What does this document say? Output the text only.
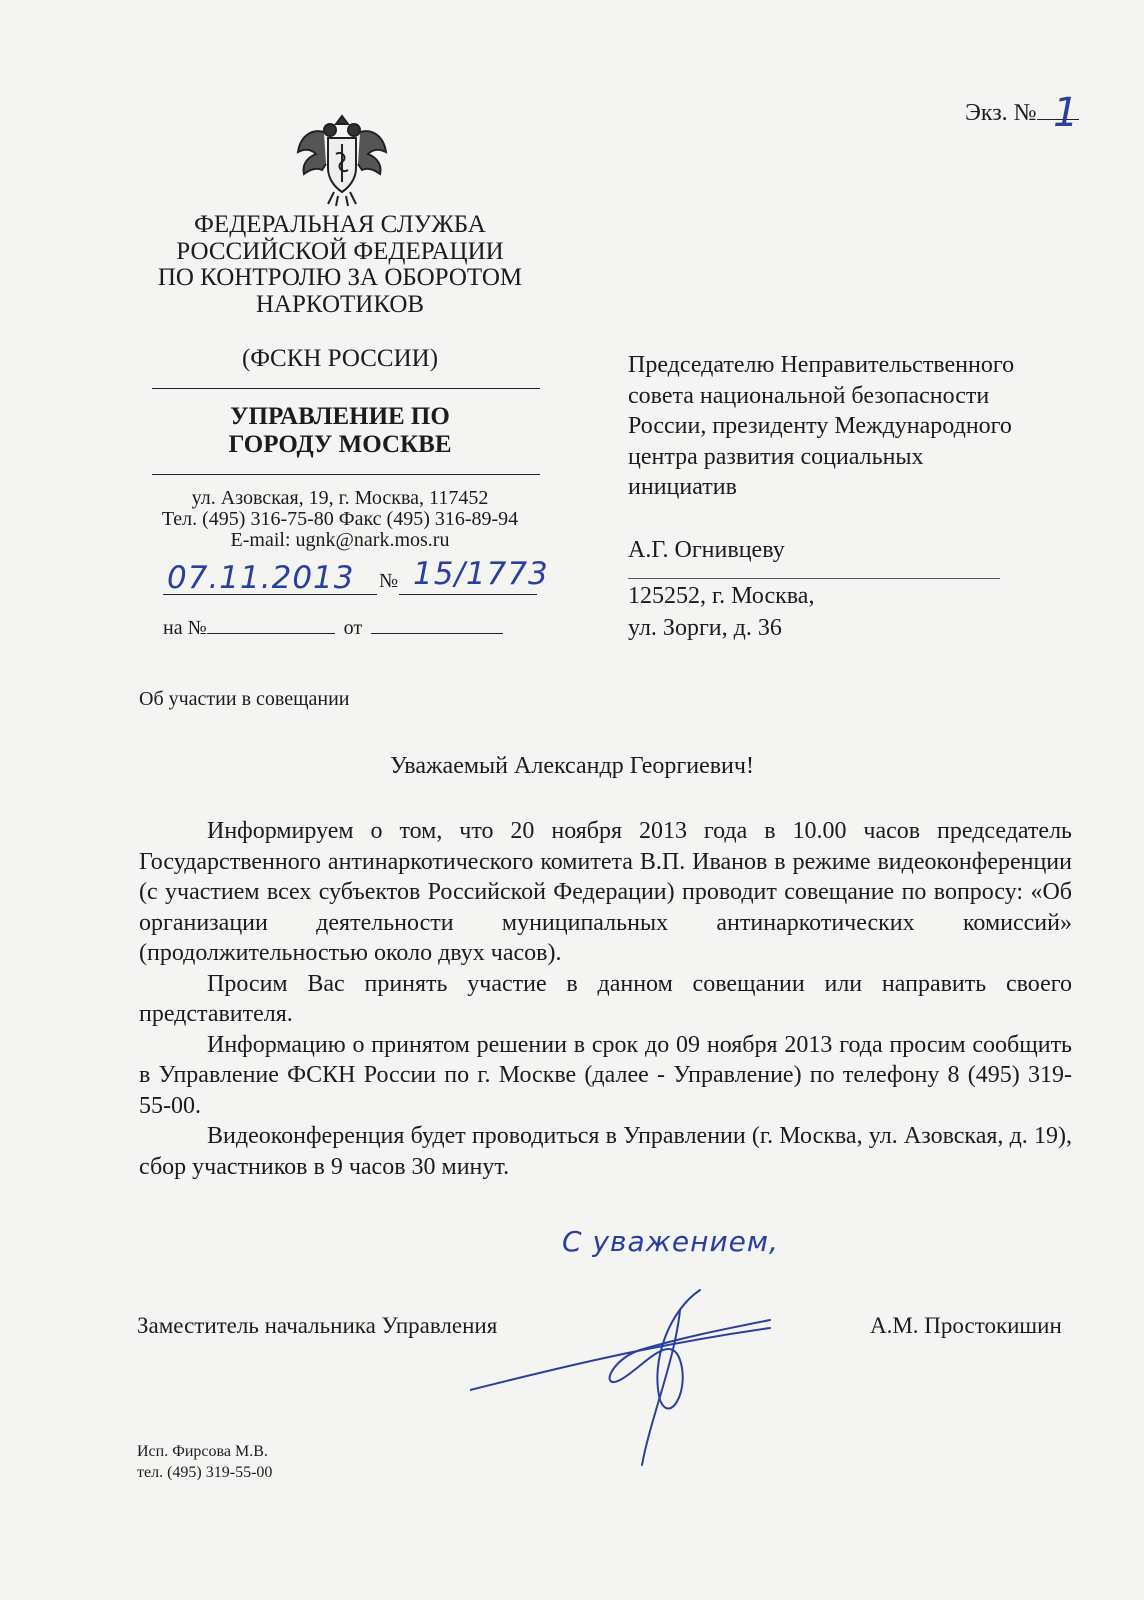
Экз. № 1
ФЕДЕРАЛЬНАЯ СЛУЖБА
РОССИЙСКОЙ ФЕДЕРАЦИИ
ПО КОНТРОЛЮ ЗА ОБОРОТОМ
НАРКОТИКОВ
(ФСКН РОССИИ)
УПРАВЛЕНИЕ ПО
ГОРОДУ МОСКВЕ
ул. Азовская, 19, г. Москва, 117452
Тел. (495) 316-75-80 Факс (495) 316-89-94
E-mail: ugnk@nark.mos.ru
07.11.2013 № 15/1773
на №	от
Председателю Неправительственного
совета национальной безопасности
России, президенту Международного
центра развития социальных
инициатив
А.Г. Огнивцеву
125252, г. Москва,
ул. Зорги, д. 36
Об участии в совещании
Уважаемый Александр Георгиевич!

Информируем о том, что 20 ноября 2013 года в 10.00 часов председатель Государственного антинаркотического комитета В.П. Иванов в режиме видеоконференции (с участием всех субъектов Российской Федерации) проводит совещание по вопросу: «Об организации деятельности муниципальных антинаркотических комиссий» (продолжительностью около двух часов).

Просим Вас принять участие в данном совещании или направить своего представителя.

Информацию о принятом решении в срок до 09 ноября 2013 года просим сообщить в Управление ФСКН России по г. Москве (далее - Управление) по телефону 8 (495) 319-55-00.

Видеоконференция будет проводиться в Управлении (г. Москва, ул. Азовская, д. 19), сбор участников в 9 часов 30 минут.

С уважением,
Заместитель начальника Управления	А.М. Простокишин
Исп. Фирсова М.В.
тел. (495) 319-55-00
